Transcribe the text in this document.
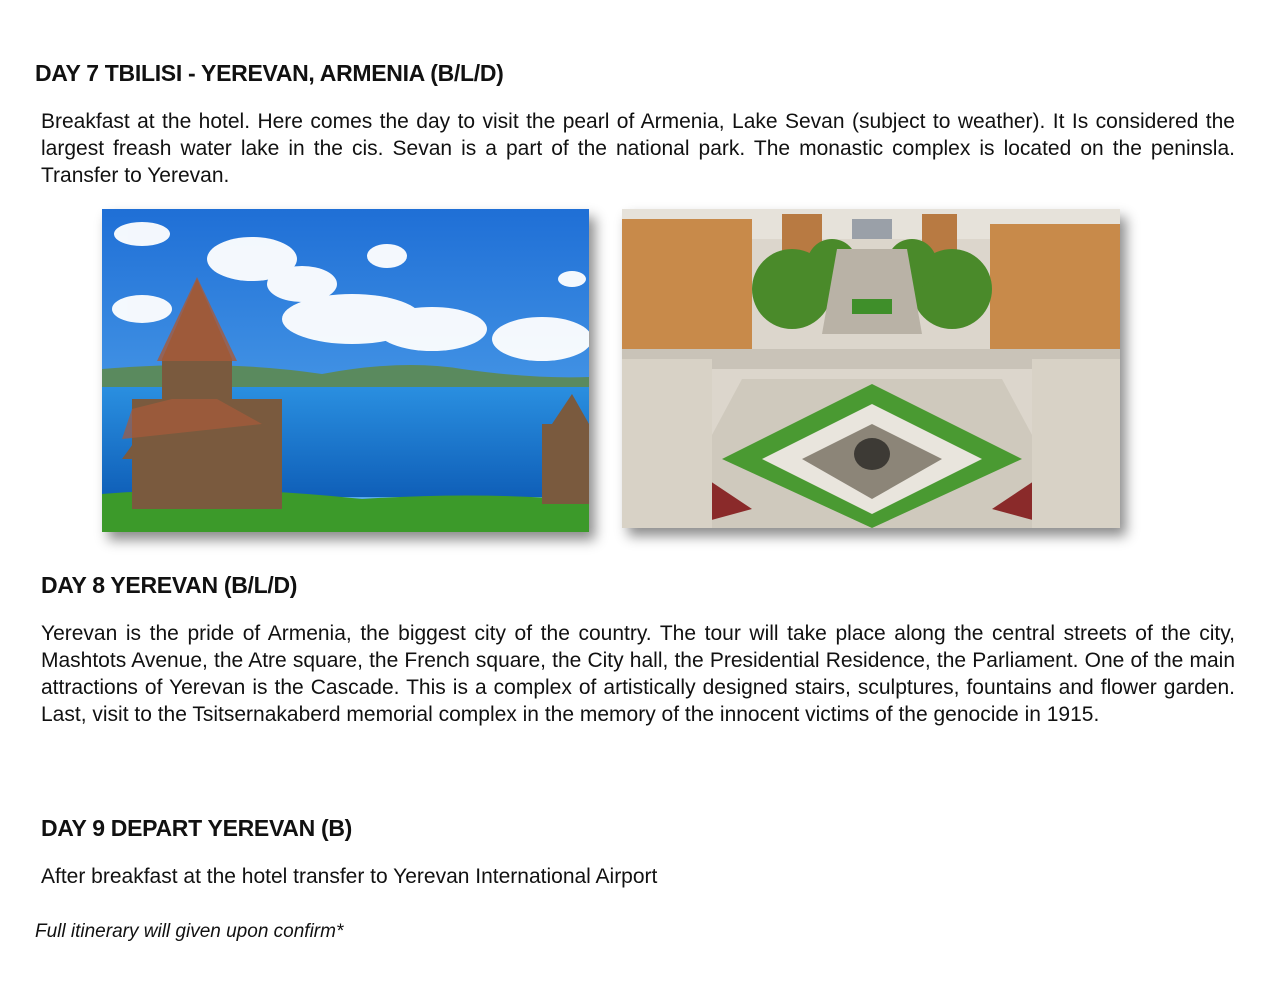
DAY 7 TBILISI - YEREVAN, ARMENIA (B/L/D)
Breakfast at the hotel. Here comes the day to visit the pearl of Armenia, Lake Sevan (subject to weather). It Is considered the largest freash water lake in the cis. Sevan is a part of the national park. The monastic complex is located on the peninsla. Transfer to Yerevan.
DAY 8 YEREVAN (B/L/D)
Yerevan is the pride of Armenia, the biggest city of the country. The tour will take place along the central streets of the city, Mashtots Avenue, the Atre square, the French square, the City hall, the Presidential Residence, the Parliament. One of the main attractions of Yerevan is the Cascade. This is a complex of artistically designed stairs, sculptures, fountains and flower garden. Last, visit to the Tsitsernakaberd memorial complex in the memory of the innocent victims of the genocide in 1915.
DAY 9 DEPART YEREVAN (B)
After breakfast at the hotel transfer to Yerevan International Airport
Full itinerary will given upon confirm*
